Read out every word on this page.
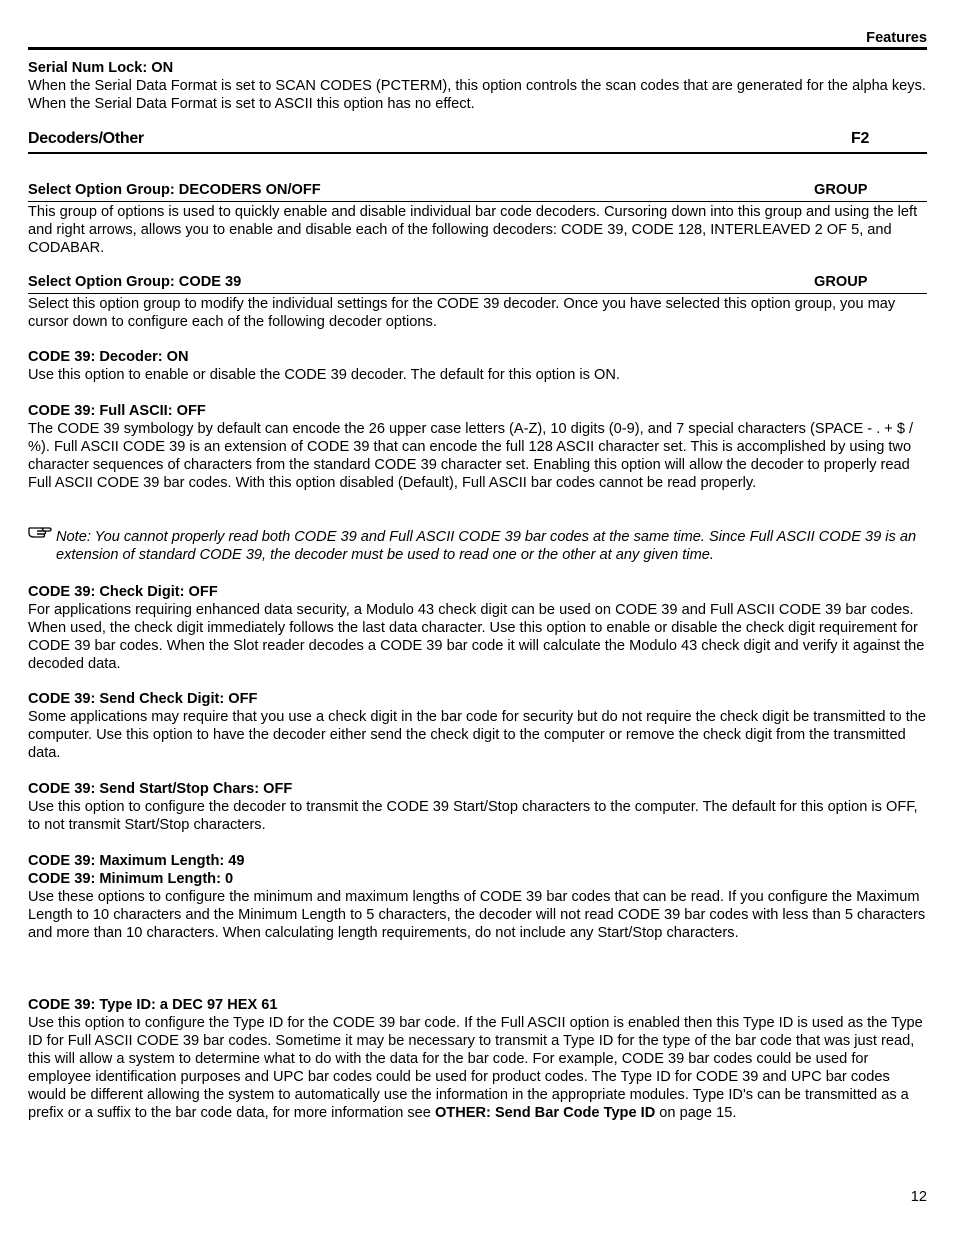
Features
Serial Num Lock: ON
When the Serial Data Format is set to SCAN CODES (PCTERM), this option controls the scan codes that are generated for the alpha keys. When the Serial Data Format is set to ASCII this option has no effect.
Decoders/Other	F2
Select Option Group: DECODERS ON/OFF	GROUP
This group of options is used to quickly enable and disable individual bar code decoders. Cursoring down into this group and using the left and right arrows, allows you to enable and disable each of the following decoders: CODE 39, CODE 128, INTERLEAVED 2 OF 5, and CODABAR.
Select Option Group: CODE 39	GROUP
Select this option group to modify the individual settings for the CODE 39 decoder. Once you have selected this option group, you may cursor down to configure each of the following decoder options.
CODE 39: Decoder: ON
Use this option to enable or disable the CODE 39 decoder. The default for this option is ON.
CODE 39: Full ASCII: OFF
The CODE 39 symbology by default can encode the 26 upper case letters (A-Z), 10 digits (0-9), and 7 special characters (SPACE - . + $ / %). Full ASCII CODE 39 is an extension of CODE 39 that can encode the full 128 ASCII character set. This is accomplished by using two character sequences of characters from the standard CODE 39 character set. Enabling this option will allow the decoder to properly read Full ASCII CODE 39 bar codes. With this option disabled (Default), Full ASCII bar codes cannot be read properly.
Note: You cannot properly read both CODE 39 and Full ASCII CODE 39 bar codes at the same time. Since Full ASCII CODE 39 is an extension of standard CODE 39, the decoder must be used to read one or the other at any given time.
CODE 39: Check Digit: OFF
For applications requiring enhanced data security, a Modulo 43 check digit can be used on CODE 39 and Full ASCII CODE 39 bar codes. When used, the check digit immediately follows the last data character. Use this option to enable or disable the check digit requirement for CODE 39 bar codes. When the Slot reader decodes a CODE 39 bar code it will calculate the Modulo 43 check digit and verify it against the decoded data.
CODE 39: Send Check Digit: OFF
Some applications may require that you use a check digit in the bar code for security but do not require the check digit be transmitted to the computer. Use this option to have the decoder either send the check digit to the computer or remove the check digit from the transmitted data.
CODE 39: Send Start/Stop Chars: OFF
Use this option to configure the decoder to transmit the CODE 39 Start/Stop characters to the computer. The default for this option is OFF, to not transmit Start/Stop characters.
CODE 39: Maximum Length: 49
CODE 39: Minimum Length: 0
Use these options to configure the minimum and maximum lengths of CODE 39 bar codes that can be read. If you configure the Maximum Length to 10 characters and the Minimum Length to 5 characters, the decoder will not read CODE 39 bar codes with less than 5 characters and more than 10 characters. When calculating length requirements, do not include any Start/Stop characters.
CODE 39: Type ID: a DEC 97 HEX 61
Use this option to configure the Type ID for the CODE 39 bar code. If the Full ASCII option is enabled then this Type ID is used as the Type ID for Full ASCII CODE 39 bar codes. Sometime it may be necessary to transmit a Type ID for the type of the bar code that was just read, this will allow a system to determine what to do with the data for the bar code. For example, CODE 39 bar codes could be used for employee identification purposes and UPC bar codes could be used for product codes. The Type ID for CODE 39 and UPC bar codes would be different allowing the system to automatically use the information in the appropriate modules. Type ID's can be transmitted as a prefix or a suffix to the bar code data, for more information see OTHER: Send Bar Code Type ID on page 15.
12
